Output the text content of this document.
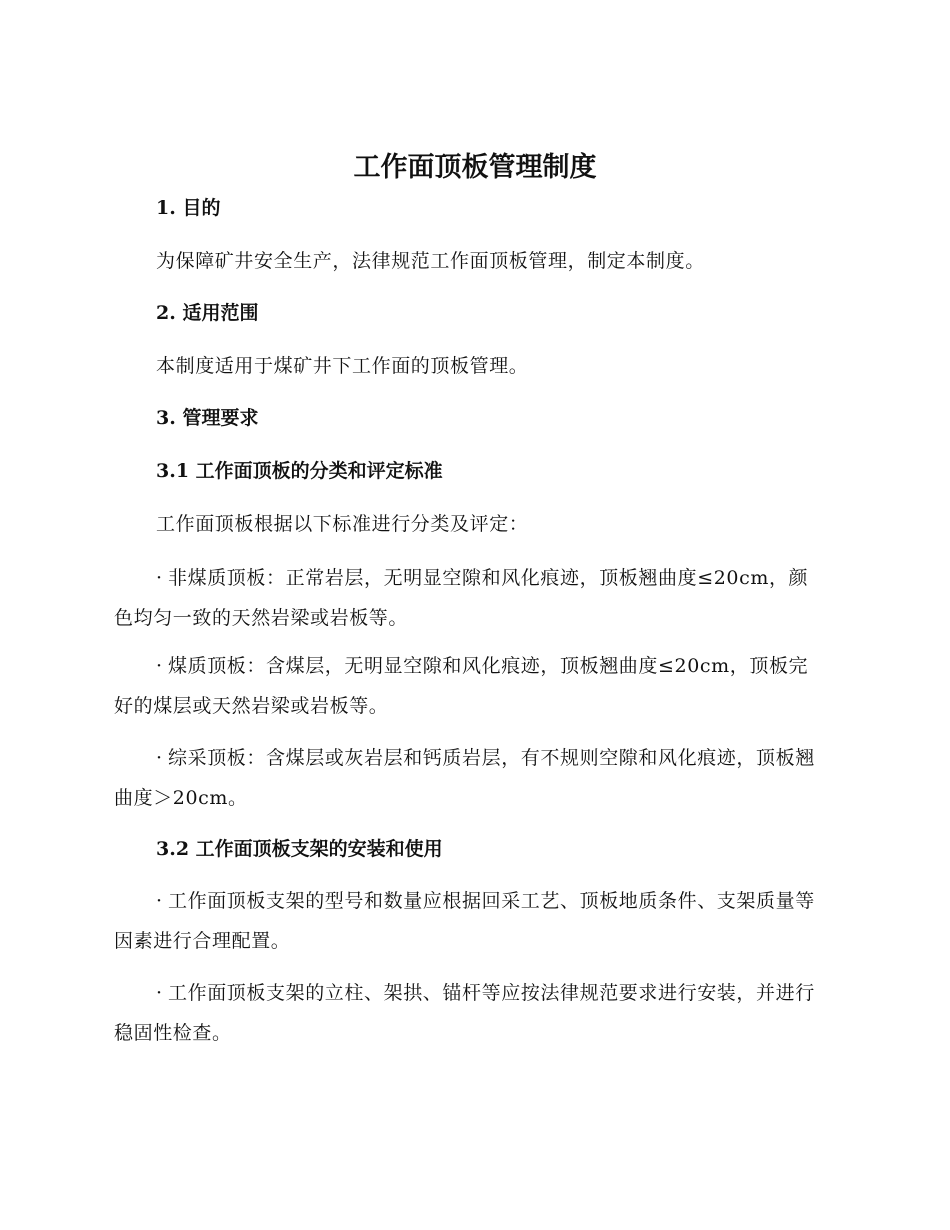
工作面顶板管理制度

1. 目的

为保障矿井安全生产，法律规范工作面顶板管理，制定本制度。

2. 适用范围

本制度适用于煤矿井下工作面的顶板管理。

3. 管理要求

3.1 工作面顶板的分类和评定标准

工作面顶板根据以下标准进行分类及评定：

· 非煤质顶板：正常岩层，无明显空隙和风化痕迹，顶板翘曲度≤20cm，颜色均匀一致的天然岩梁或岩板等。

· 煤质顶板：含煤层，无明显空隙和风化痕迹，顶板翘曲度≤20cm，顶板完好的煤层或天然岩梁或岩板等。

· 综采顶板：含煤层或灰岩层和钙质岩层，有不规则空隙和风化痕迹，顶板翘曲度＞20cm。

3.2 工作面顶板支架的安装和使用

· 工作面顶板支架的型号和数量应根据回采工艺、顶板地质条件、支架质量等因素进行合理配置。

· 工作面顶板支架的立柱、架拱、锚杆等应按法律规范要求进行安装，并进行稳固性检查。
